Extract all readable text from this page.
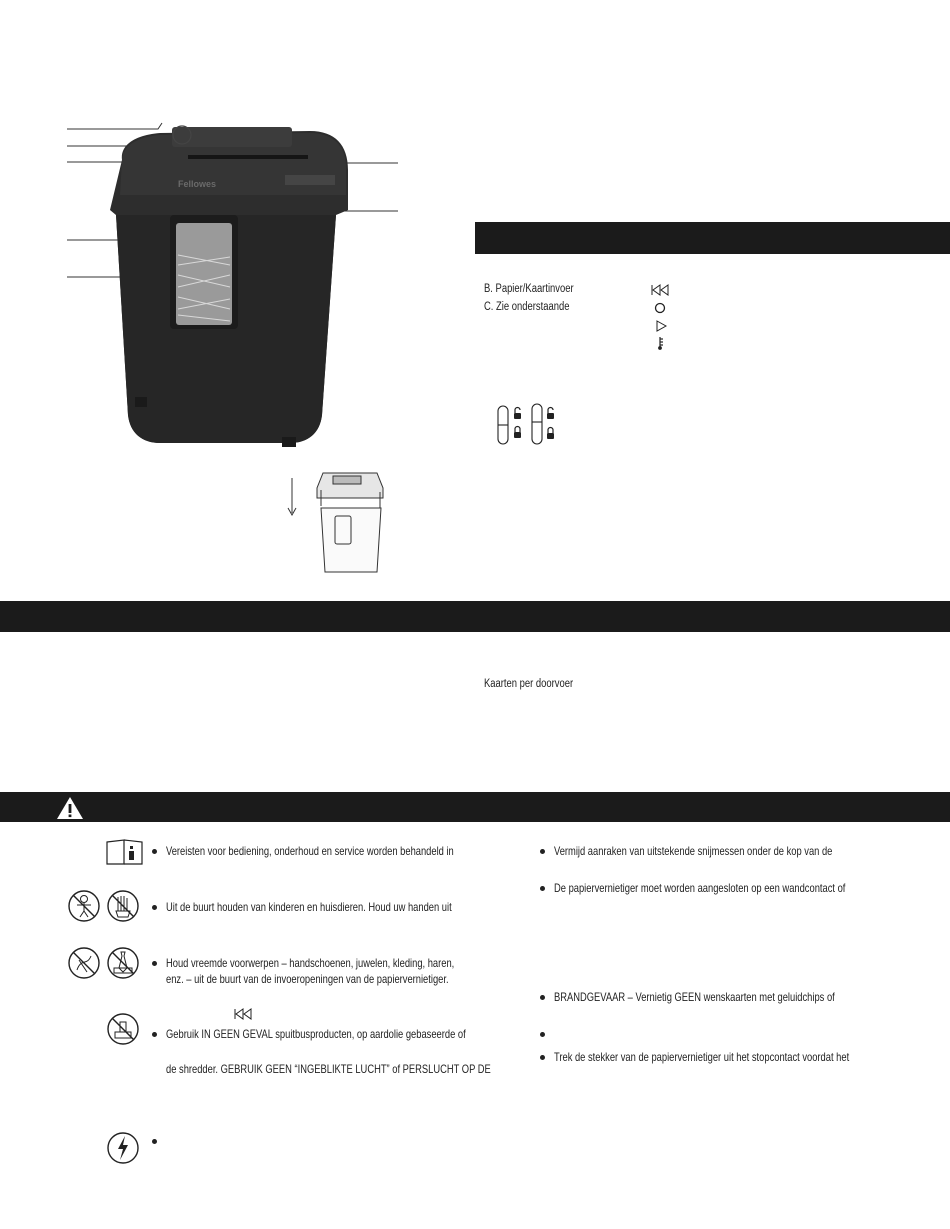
Fellowes
B. Papier/Kaartinvoer
C. Zie onderstaande
Kaarten per doorvoer
Vereisten voor bediening, onderhoud en service worden behandeld in
Uit de buurt houden van kinderen en huisdieren. Houd uw handen uit
Houd vreemde voorwerpen – handschoenen, juwelen, kleding, haren,
enz. – uit de buurt van de invoeropeningen van de papiervernietiger.
Gebruik IN GEEN GEVAL spuitbusproducten, op aardolie gebaseerde of
de shredder. GEBRUIK GEEN “INGEBLIKTE LUCHT” of PERSLUCHT OP DE
Vermijd aanraken van uitstekende snijmessen onder de kop van de
De papiervernietiger moet worden aangesloten op een wandcontact of
BRANDGEVAAR – Vernietig GEEN wenskaarten met geluidchips of
Trek de stekker van de papiervernietiger uit het stopcontact voordat het
